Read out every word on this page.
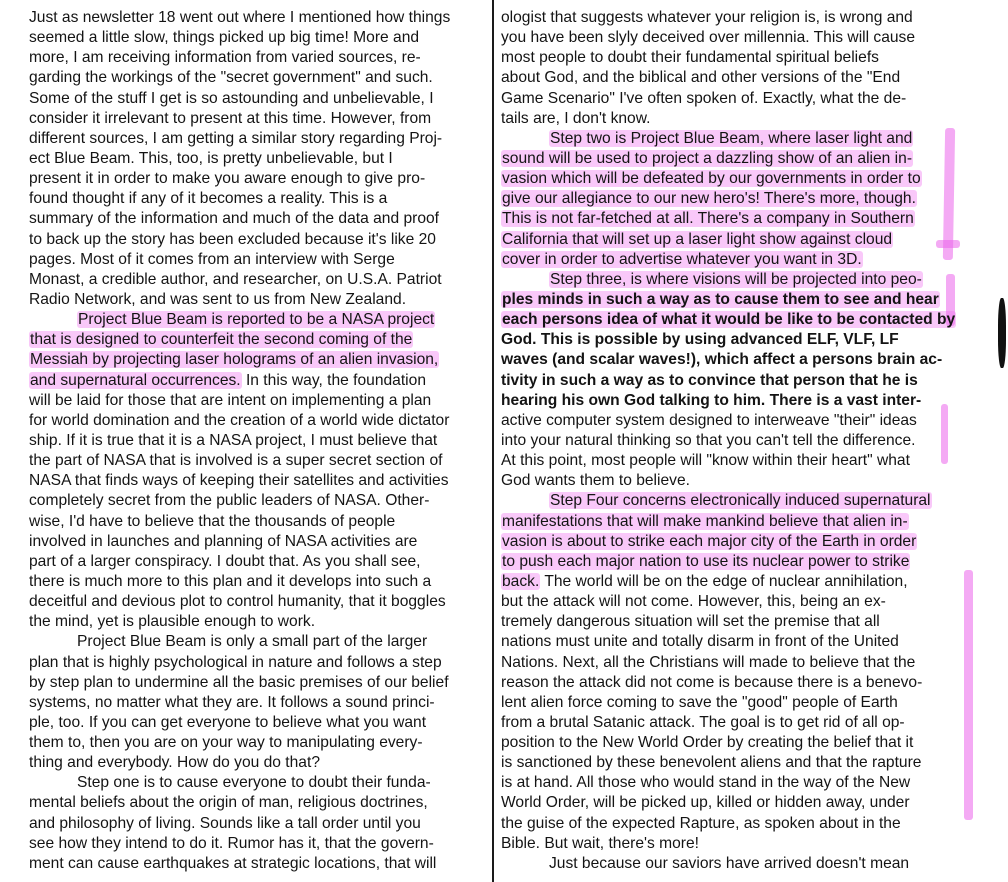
Just as newsletter 18 went out where I mentioned how things
seemed a little slow, things picked up big time! More and
more, I am receiving information from varied sources, re-
garding the workings of the "secret government" and such.
Some of the stuff I get is so astounding and unbelievable, I
consider it irrelevant to present at this time. However, from
different sources, I am getting a similar story regarding Proj-
ect Blue Beam. This, too, is pretty unbelievable, but I
present it in order to make you aware enough to give pro-
found thought if any of it becomes a reality. This is a
summary of the information and much of the data and proof
to back up the story has been excluded because it's like 20
pages. Most of it comes from an interview with Serge
Monast, a credible author, and researcher, on U.S.A. Patriot
Radio Network, and was sent to us from New Zealand.
Project Blue Beam is reported to be a NASA project
that is designed to counterfeit the second coming of the
Messiah by projecting laser holograms of an alien invasion,
and supernatural occurrences. In this way, the foundation
will be laid for those that are intent on implementing a plan
for world domination and the creation of a world wide dictator
ship. If it is true that it is a NASA project, I must believe that
the part of NASA that is involved is a super secret section of
NASA that finds ways of keeping their satellites and activities
completely secret from the public leaders of NASA. Other-
wise, I'd have to believe that the thousands of people
involved in launches and planning of NASA activities are
part of a larger conspiracy. I doubt that. As you shall see,
there is much more to this plan and it develops into such a
deceitful and devious plot to control humanity, that it boggles
the mind, yet is plausible enough to work.
Project Blue Beam is only a small part of the larger
plan that is highly psychological in nature and follows a step
by step plan to undermine all the basic premises of our belief
systems, no matter what they are. It follows a sound princi-
ple, too. If you can get everyone to believe what you want
them to, then you are on your way to manipulating every-
thing and everybody. How do you do that?
Step one is to cause everyone to doubt their funda-
mental beliefs about the origin of man, religious doctrines,
and philosophy of living. Sounds like a tall order until you
see how they intend to do it. Rumor has it, that the govern-
ment can cause earthquakes at strategic locations, that will
ologist that suggests whatever your religion is, is wrong and
you have been slyly deceived over millennia. This will cause
most people to doubt their fundamental spiritual beliefs
about God, and the biblical and other versions of the "End
Game Scenario" I've often spoken of. Exactly, what the de-
tails are, I don't know.
Step two is Project Blue Beam, where laser light and
sound will be used to project a dazzling show of an alien in-
vasion which will be defeated by our governments in order to
give our allegiance to our new hero's! There's more, though.
This is not far-fetched at all. There's a company in Southern
California that will set up a laser light show against cloud
cover in order to advertise whatever you want in 3D.
Step three, is where visions will be projected into peo-
ples minds in such a way as to cause them to see and hear
each persons idea of what it would be like to be contacted by
God. This is possible by using advanced ELF, VLF, LF
waves (and scalar waves!), which affect a persons brain ac-
tivity in such a way as to convince that person that he is
hearing his own God talking to him. There is a vast inter-
active computer system designed to interweave "their" ideas
into your natural thinking so that you can't tell the difference.
At this point, most people will "know within their heart" what
God wants them to believe.
Step Four concerns electronically induced supernatural
manifestations that will make mankind believe that alien in-
vasion is about to strike each major city of the Earth in order
to push each major nation to use its nuclear power to strike
back. The world will be on the edge of nuclear annihilation,
but the attack will not come. However, this, being an ex-
tremely dangerous situation will set the premise that all
nations must unite and totally disarm in front of the United
Nations. Next, all the Christians will made to believe that the
reason the attack did not come is because there is a benevo-
lent alien force coming to save the "good" people of Earth
from a brutal Satanic attack. The goal is to get rid of all op-
position to the New World Order by creating the belief that it
is sanctioned by these benevolent aliens and that the rapture
is at hand. All those who would stand in the way of the New
World Order, will be picked up, killed or hidden away, under
the guise of the expected Rapture, as spoken about in the
Bible. But wait, there's more!
Just because our saviors have arrived doesn't mean
